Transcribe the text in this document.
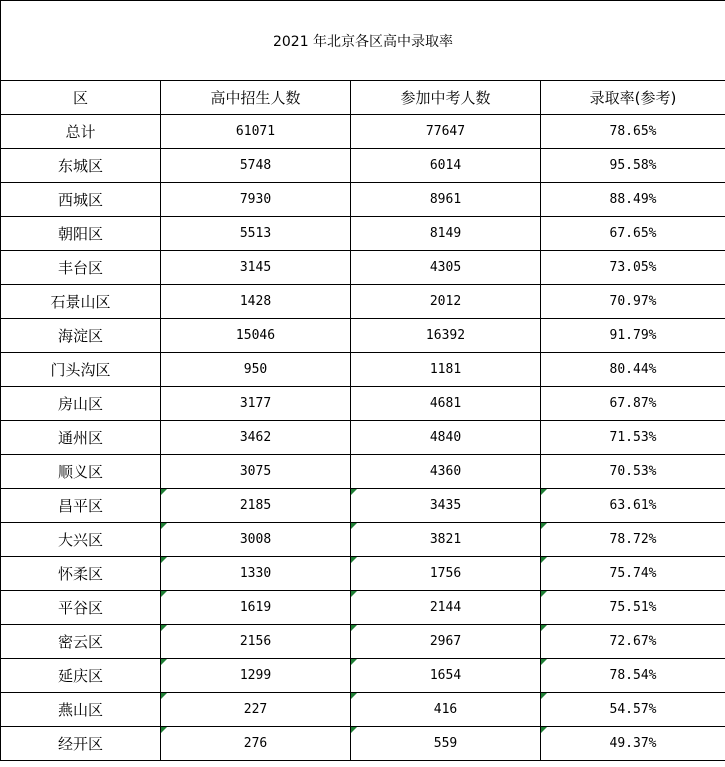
2021 年北京各区高中录取率			
区	高中招生人数	参加中考人数	录取率(参考)
总计	61071	77647	78.65%
东城区	5748	6014	95.58%
西城区	7930	8961	88.49%
朝阳区	5513	8149	67.65%
丰台区	3145	4305	73.05%
石景山区	1428	2012	70.97%
海淀区	15046	16392	91.79%
门头沟区	950	1181	80.44%
房山区	3177	4681	67.87%
通州区	3462	4840	71.53%
顺义区	3075	4360	70.53%
昌平区	2185	3435	63.61%
大兴区	3008	3821	78.72%
怀柔区	1330	1756	75.74%
平谷区	1619	2144	75.51%
密云区	2156	2967	72.67%
延庆区	1299	1654	78.54%
燕山区	227	416	54.57%
经开区	276	559	49.37%
